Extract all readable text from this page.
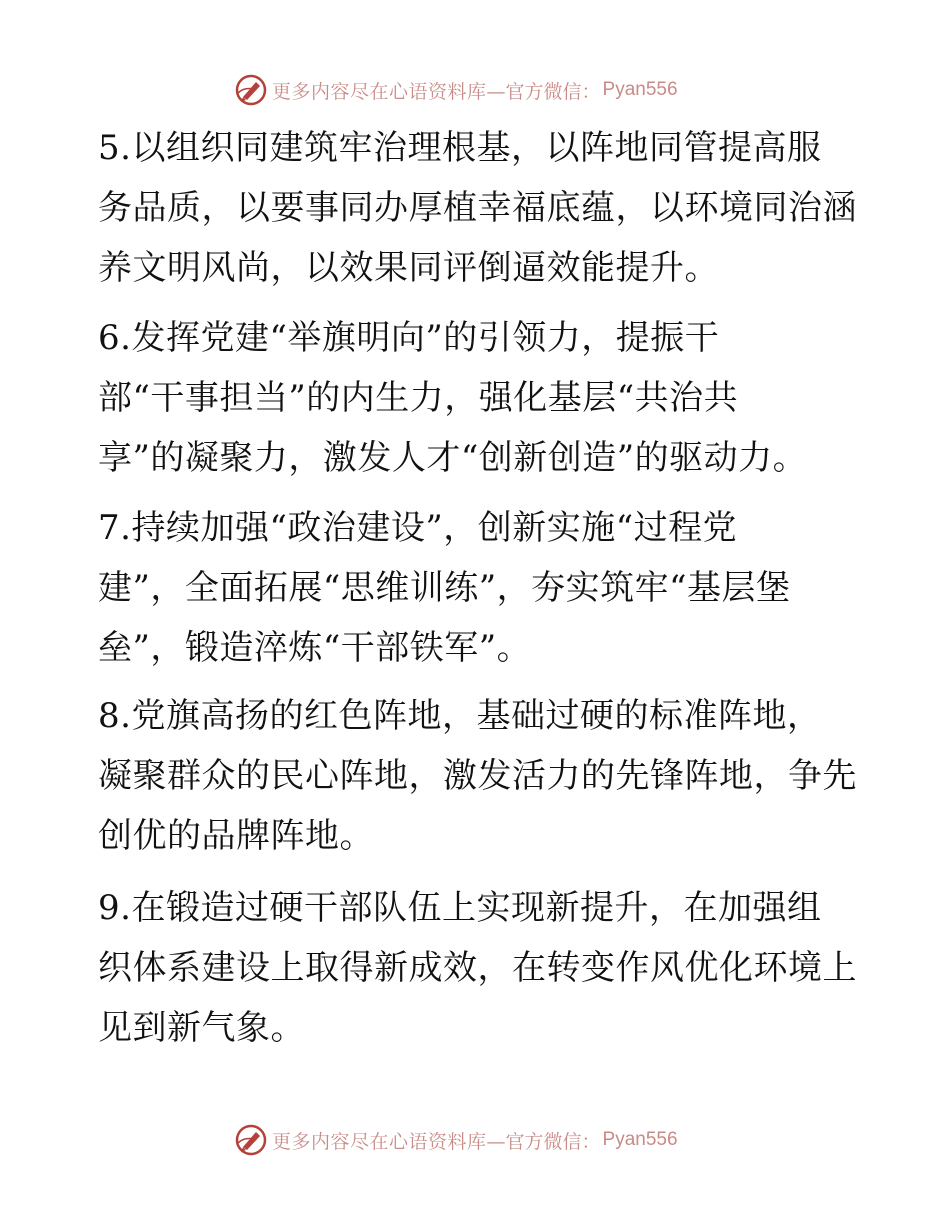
更多内容尽在心语资料库 —官方微信： Pyan556
5.以组织同建筑牢治理根基，以阵地同管提高服
务品质，以要事同办厚植幸福底蕴，以环境同治涵
养文明风尚，以效果同评倒逼效能提升。
6.发挥党建“举旗明向”的引领力，提振干
部“干事担当”的内生力，强化基层“共治共
享”的凝聚力，激发人才“创新创造”的驱动力。
7.持续加强“政治建设”，创新实施“过程党
建”，全面拓展“思维训练”，夯实筑牢“基层堡
垒”，锻造淬炼“干部铁军”。
8.党旗高扬的红色阵地，基础过硬的标准阵地，
凝聚群众的民心阵地，激发活力的先锋阵地，争先
创优的品牌阵地。
9.在锻造过硬干部队伍上实现新提升，在加强组
织体系建设上取得新成效，在转变作风优化环境上
见到新气象。
更多内容尽在心语资料库 —官方微信： Pyan556
